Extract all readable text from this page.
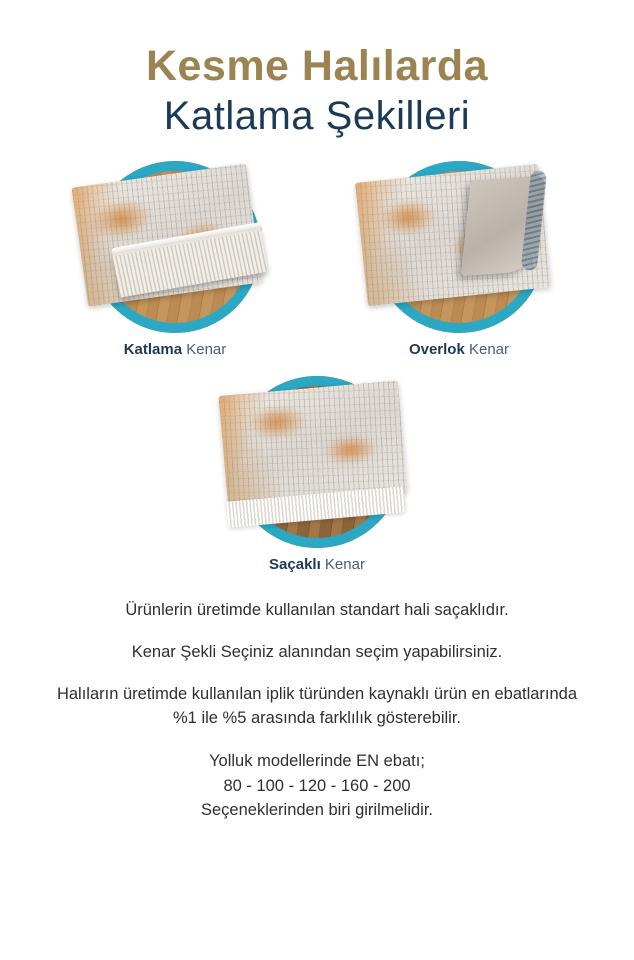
Kesme Halılarda
Katlama Şekilleri
Katlama Kenar	Overlok Kenar
Saçaklı Kenar

Ürünlerin üretimde kullanılan standart hali saçaklıdır.

Kenar Şekli Seçiniz alanından seçim yapabilirsiniz.

Halıların üretimde kullanılan iplik türünden kaynaklı ürün en ebatlarında %1 ile %5 arasında farklılık gösterebilir.

Yolluk modellerinde EN ebatı;
80 - 100 - 120 - 160 - 200
Seçeneklerinden biri girilmelidir.
